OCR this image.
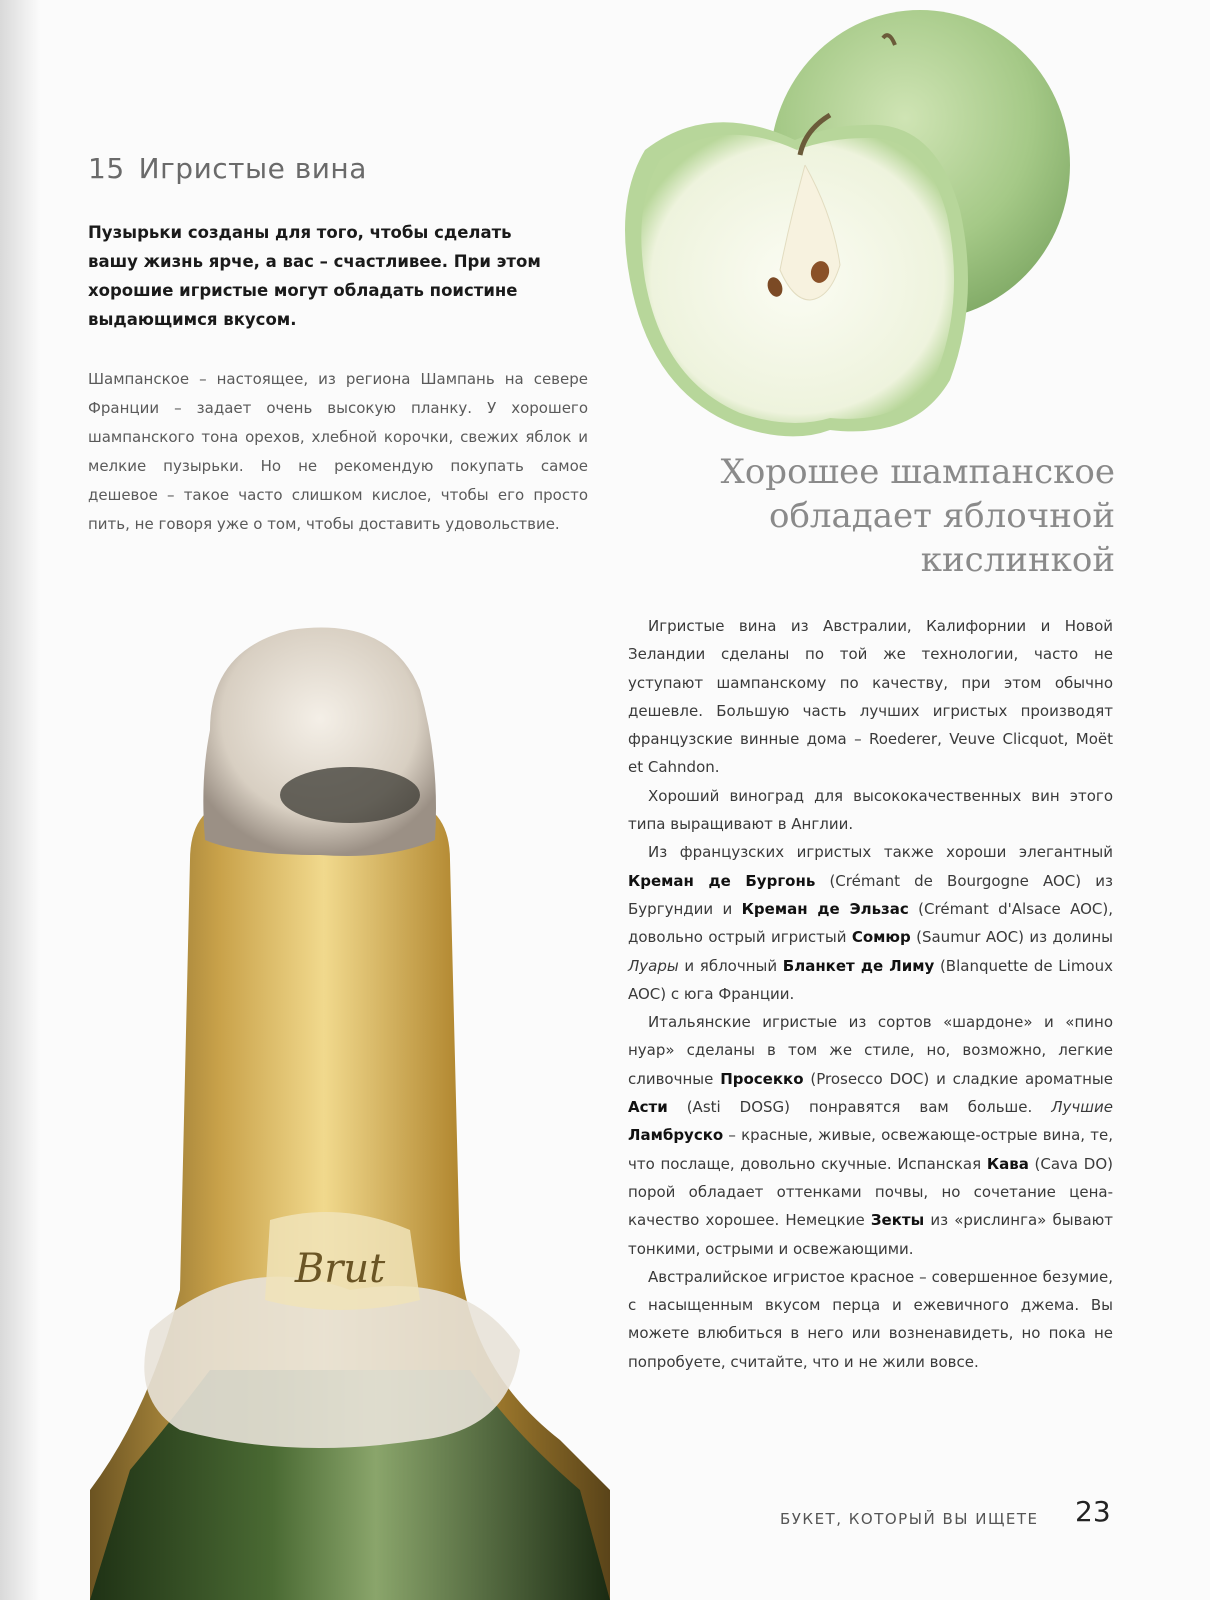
15 Игристые вина
Пузырьки созданы для того, чтобы сделать вашу жизнь ярче, а вас – счастливее. При этом хорошие игристые могут обладать поистине выдающимся вкусом.
Шампанское – настоящее, из региона Шампань на севере Франции – задает очень высокую планку. У хорошего шампанского тона орехов, хлебной корочки, свежих яблок и мелкие пузырьки. Но не рекомендую покупать самое дешевое – такое часто слишком кислое, чтобы его просто пить, не говоря уже о том, чтобы доставить удовольствие.
Хорошее шампанское обладает яблочной кислинкой
Brut

Игристые вина из Австралии, Калифорнии и Новой Зеландии сделаны по той же технологии, часто не уступают шампанскому по качеству, при этом обычно дешевле. Большую часть лучших игристых производят французские винные дома – Roederer, Veuve Clicquot, Moët et Cahndon.

Хороший виноград для высококачественных вин этого типа выращивают в Англии.

Из французских игристых также хороши элегантный Креман де Бургонь (Crémant de Bourgogne AOC) из Бургундии и Креман де Эльзас (Crémant d'Alsace AOC), довольно острый игристый Сомюр (Saumur AOC) из долины Луары и яблочный Бланкет де Лиму (Blanquette de Limoux AOC) с юга Франции.

Итальянские игристые из сортов «шардоне» и «пино нуар» сделаны в том же стиле, но, возможно, легкие сливочные Просекко (Prosecco DOC) и сладкие ароматные Асти (Asti DOSG) понравятся вам больше. Лучшие Ламбруско – красные, живые, освежающе-острые вина, те, что послаще, довольно скучные. Испанская Кава (Cava DO) порой обладает оттенками почвы, но сочетание цена-качество хорошее. Немецкие Зекты из «рислинга» бывают тонкими, острыми и освежающими.

Австралийское игристое красное – совершенное безумие, с насыщенным вкусом перца и ежевичного джема. Вы можете влюбиться в него или возненавидеть, но пока не попробуете, считайте, что и не жили вовсе.

БУКЕТ, КОТОРЫЙ ВЫ ИЩЕТЕ 23
